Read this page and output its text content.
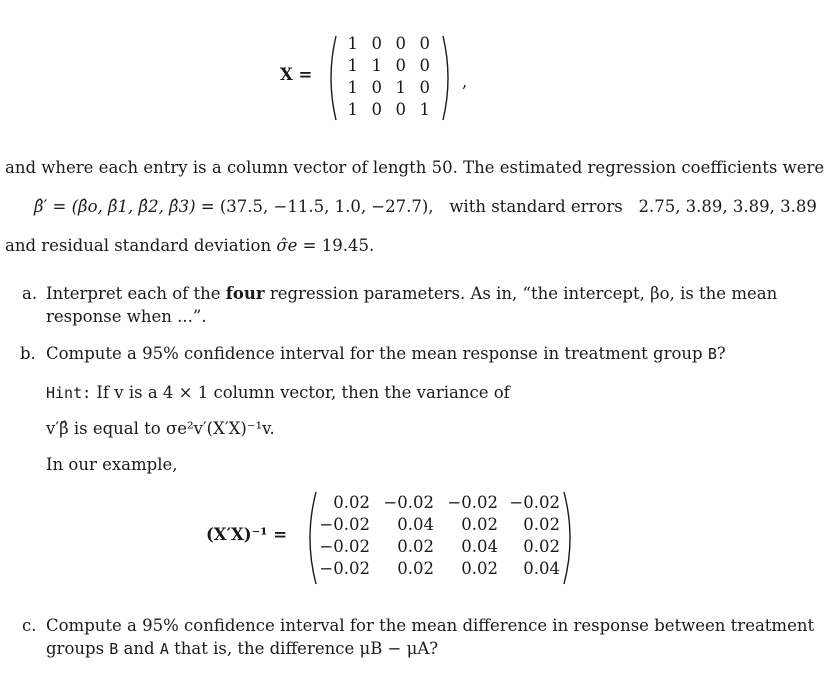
X =
1 0 0 0
1 1 0 0
1 0 1 0
1 0 0 1
,
and where each entry is a column vector of length 50. The estimated regression coefficients were
β̂′ = (β̂o, β̂1, β̂2, β̂3) = (37.5, −11.5, 1.0, −27.7), with standard errors 2.75, 3.89, 3.89, 3.89
and residual standard deviation σ̂e = 19.45.
a. Interpret each of the four regression parameters. As in, “the intercept, βo, is the mean
response when ...”.
b. Compute a 95% confidence interval for the mean response in treatment group B?
Hint: If v is a 4 × 1 column vector, then the variance of
v′β̂ is equal to σe²v′(X′X)⁻¹v.
In our example,
(X′X)⁻¹ =
0.02 −0.02 −0.02 −0.02
−0.02	0.04	0.02	0.02
−0.02	0.02	0.04	0.02
−0.02	0.02	0.02	0.04
c. Compute a 95% confidence interval for the mean difference in response between treatment
groups B and A that is, the difference μB − μA?
